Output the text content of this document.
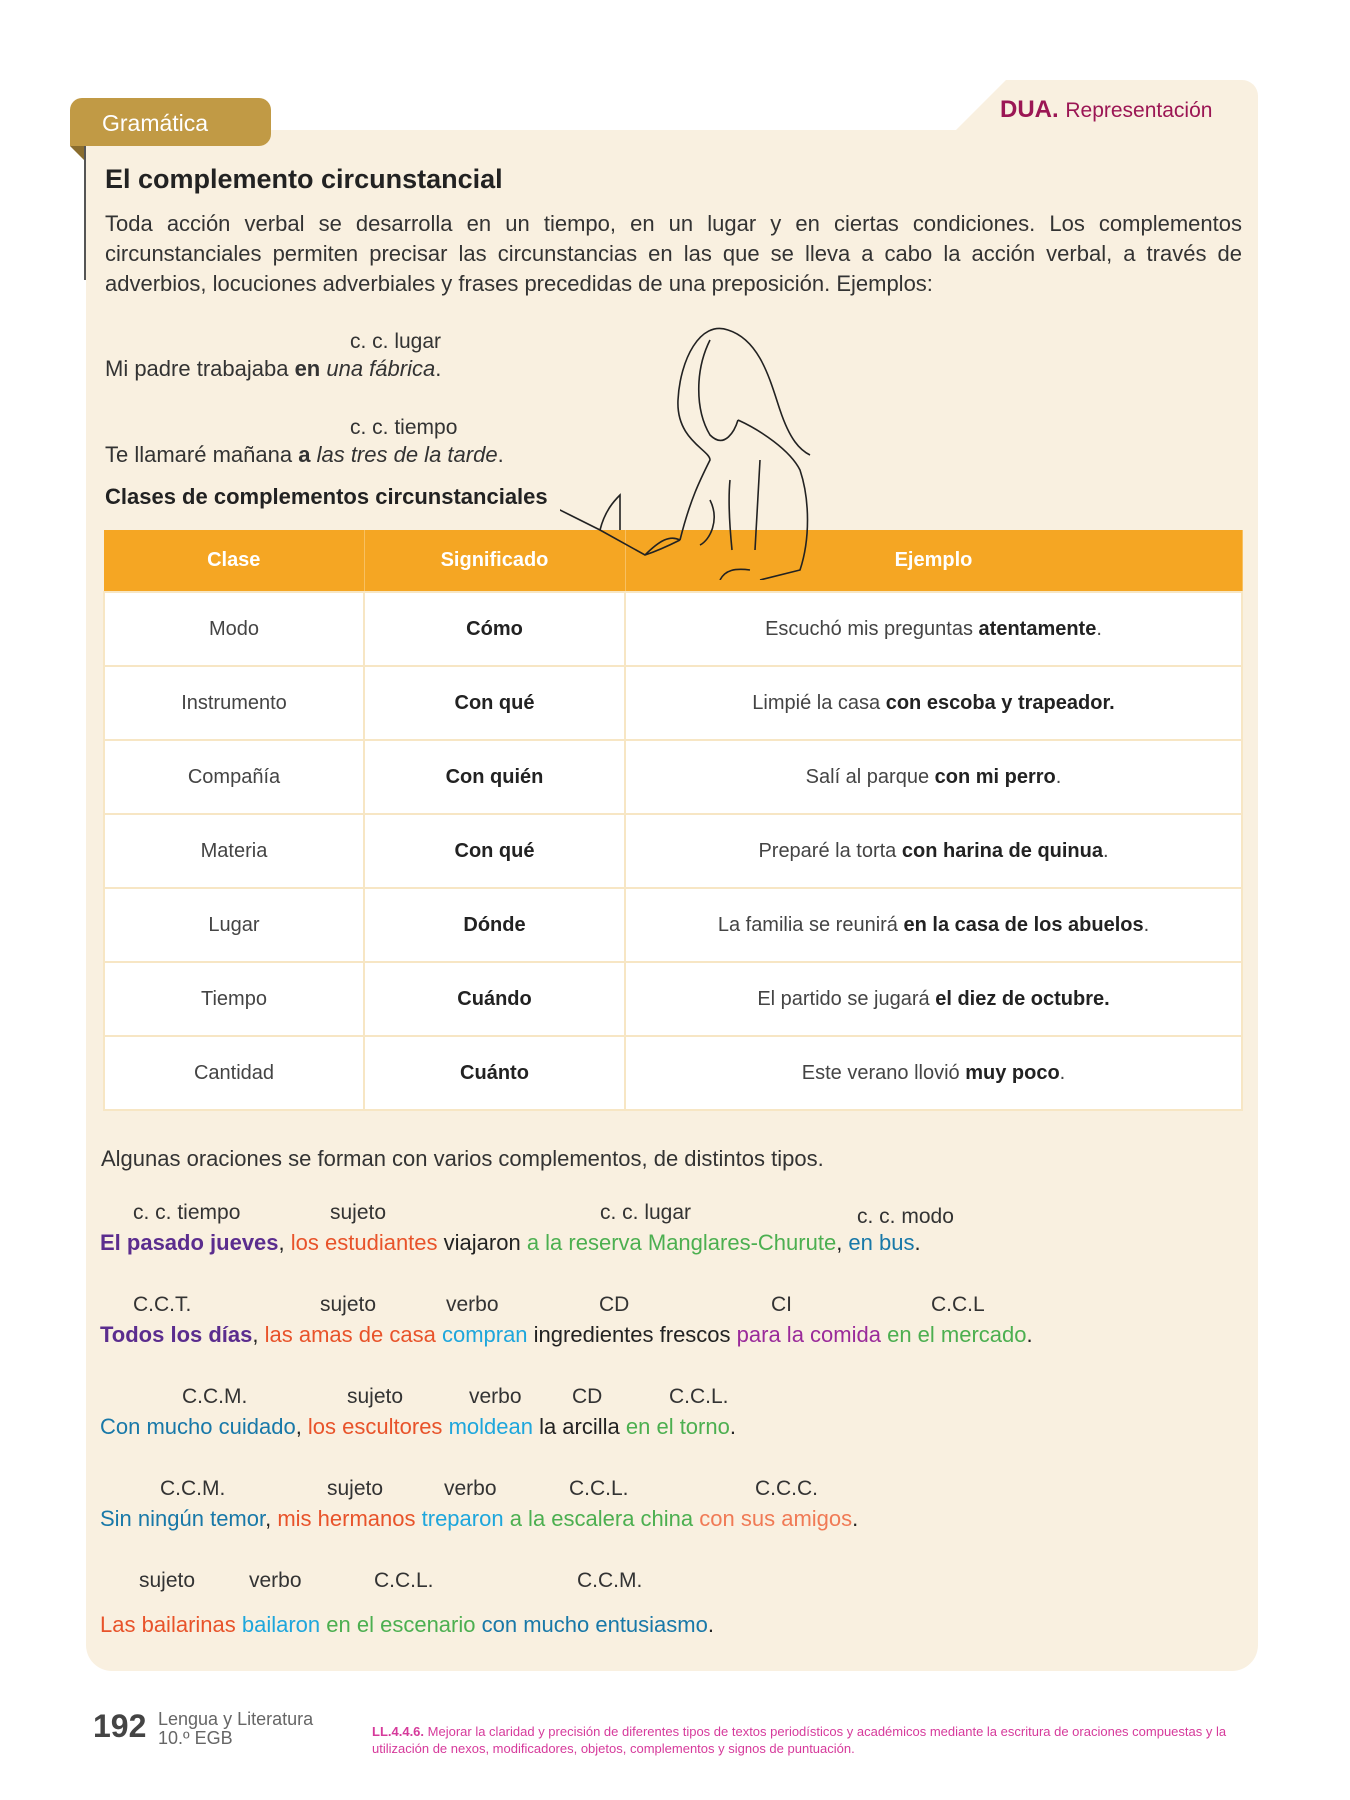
Gramática	DUA. Representación
El complemento circunstancial

Toda acción verbal se desarrolla en un tiempo, en un lugar y en ciertas condiciones. Los complementos circunstanciales permiten precisar las circunstancias en las que se lleva a cabo la acción verbal, a través de adverbios, locuciones adverbiales y frases precedidas de una preposición. Ejemplos:

c. c. lugar
Mi padre trabajaba en una fábrica.
c. c. tiempo
Te llamaré mañana a las tres de la tarde.
Clases de complementos circunstanciales
Clase	Significado	Ejemplo
Modo	Cómo	Escuchó mis preguntas atentamente.
Instrumento	Con qué	Limpié la casa con escoba y trapeador.
Compañía	Con quién	Salí al parque con mi perro.
Materia	Con qué	Preparé la torta con harina de quinua.
Lugar	Dónde	La familia se reunirá en la casa de los abuelos.
Tiempo	Cuándo	El partido se jugará el diez de octubre.
Cantidad	Cuánto	Este verano llovió muy poco.
Algunas oraciones se forman con varios complementos, de distintos tipos.
c. c. tiempo	sujeto	c. c. lugar	c. c. modo
El pasado jueves, los estudiantes viajaron a la reserva Manglares-Churute, en bus.
C.C.T.	sujeto	verbo	CD	CI	C.C.L
Todos los días, las amas de casa compran ingredientes frescos para la comida en el mercado.
C.C.M.	sujeto	verbo CD	C.C.L.
Con mucho cuidado, los escultores moldean la arcilla en el torno.
C.C.M.	sujeto	verbo	C.C.L.	C.C.C.
Sin ningún temor, mis hermanos treparon a la escalera china con sus amigos.
sujeto	verbo	C.C.L.	C.C.M.
Las bailarinas bailaron en el escenario con mucho entusiasmo.
192 Lengua y Literatura
10.º EGB	LL.4.4.6. Mejorar la claridad y precisión de diferentes tipos de textos periodísticos y académicos mediante la escritura de oraciones compuestas y la utilización de nexos, modificadores, objetos, complementos y signos de puntuación.
